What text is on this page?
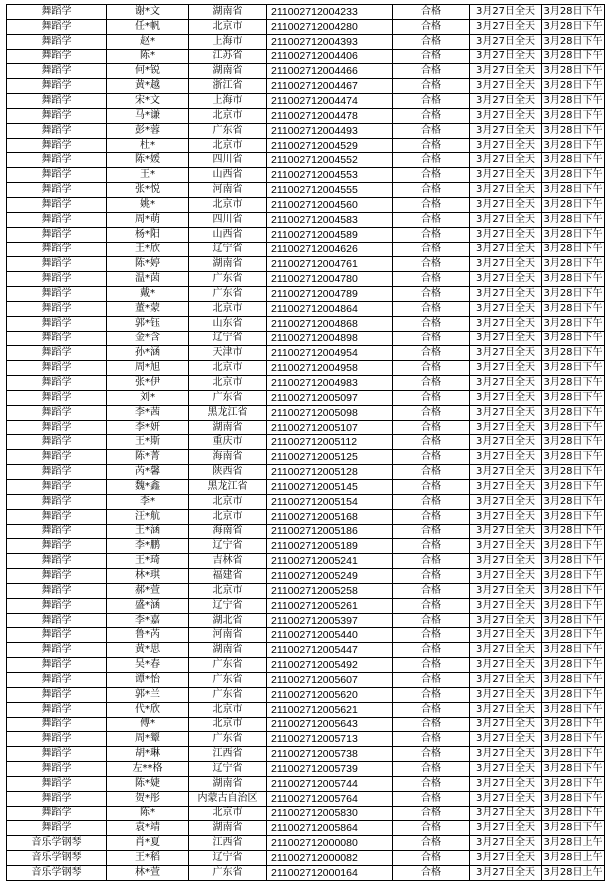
舞蹈学	谢*文	湖南省	211002712004233	合格	3月27日全天	3月28日下午
舞蹈学	任*帆	北京市	211002712004280	合格	3月27日全天	3月28日下午
舞蹈学	赵*	上海市	211002712004393	合格	3月27日全天	3月28日下午
舞蹈学	陈*	江苏省	211002712004406	合格	3月27日全天	3月28日下午
舞蹈学	何*锐	湖南省	211002712004466	合格	3月27日全天	3月28日下午
舞蹈学	黄*越	浙江省	211002712004467	合格	3月27日全天	3月28日下午
舞蹈学	宋*文	上海市	211002712004474	合格	3月27日全天	3月28日下午
舞蹈学	马*谦	北京市	211002712004478	合格	3月27日全天	3月28日下午
舞蹈学	彭*蓉	广东省	211002712004493	合格	3月27日全天	3月28日下午
舞蹈学	杜*	北京市	211002712004529	合格	3月27日全天	3月28日下午
舞蹈学	陈*媛	四川省	211002712004552	合格	3月27日全天	3月28日下午
舞蹈学	王*	山西省	211002712004553	合格	3月27日全天	3月28日下午
舞蹈学	张*悦	河南省	211002712004555	合格	3月27日全天	3月28日下午
舞蹈学	姚*	北京市	211002712004560	合格	3月27日全天	3月28日下午
舞蹈学	周*萌	四川省	211002712004583	合格	3月27日全天	3月28日下午
舞蹈学	杨*阳	山西省	211002712004589	合格	3月27日全天	3月28日下午
舞蹈学	王*欣	辽宁省	211002712004626	合格	3月27日全天	3月28日下午
舞蹈学	陈*婷	湖南省	211002712004761	合格	3月27日全天	3月28日下午
舞蹈学	温*茵	广东省	211002712004780	合格	3月27日全天	3月28日下午
舞蹈学	戴*	广东省	211002712004789	合格	3月27日全天	3月28日下午
舞蹈学	董*蒙	北京市	211002712004864	合格	3月27日全天	3月28日下午
舞蹈学	郭*钰	山东省	211002712004868	合格	3月27日全天	3月28日下午
舞蹈学	金*含	辽宁省	211002712004898	合格	3月27日全天	3月28日下午
舞蹈学	孙*涵	天津市	211002712004954	合格	3月27日全天	3月28日下午
舞蹈学	周*旭	北京市	211002712004958	合格	3月27日全天	3月28日下午
舞蹈学	张*伊	北京市	211002712004983	合格	3月27日全天	3月28日下午
舞蹈学	刘*	广东省	211002712005097	合格	3月27日全天	3月28日下午
舞蹈学	李*茜	黑龙江省	211002712005098	合格	3月27日全天	3月28日下午
舞蹈学	李*妍	湖南省	211002712005107	合格	3月27日全天	3月28日下午
舞蹈学	王*斯	重庆市	211002712005112	合格	3月27日全天	3月28日下午
舞蹈学	陈*菁	海南省	211002712005125	合格	3月27日全天	3月28日下午
舞蹈学	芮*馨	陕西省	211002712005128	合格	3月27日全天	3月28日下午
舞蹈学	魏*鑫	黑龙江省	211002712005145	合格	3月27日全天	3月28日下午
舞蹈学	李*	北京市	211002712005154	合格	3月27日全天	3月28日下午
舞蹈学	汪*航	北京市	211002712005168	合格	3月27日全天	3月28日下午
舞蹈学	王*涵	海南省	211002712005186	合格	3月27日全天	3月28日下午
舞蹈学	李*鹏	辽宁省	211002712005189	合格	3月27日全天	3月28日下午
舞蹈学	王*琦	吉林省	211002712005241	合格	3月27日全天	3月28日下午
舞蹈学	林*琪	福建省	211002712005249	合格	3月27日全天	3月28日下午
舞蹈学	郝*萱	北京市	211002712005258	合格	3月27日全天	3月28日下午
舞蹈学	盛*涵	辽宁省	211002712005261	合格	3月27日全天	3月28日下午
舞蹈学	李*嘉	湖北省	211002712005397	合格	3月27日全天	3月28日下午
舞蹈学	鲁*芮	河南省	211002712005440	合格	3月27日全天	3月28日下午
舞蹈学	黄*思	湖南省	211002712005447	合格	3月27日全天	3月28日下午
舞蹈学	吴*春	广东省	211002712005492	合格	3月27日全天	3月28日下午
舞蹈学	谭*怡	广东省	211002712005607	合格	3月27日全天	3月28日下午
舞蹈学	郭*兰	广东省	211002712005620	合格	3月27日全天	3月28日下午
舞蹈学	代*欣	北京市	211002712005621	合格	3月27日全天	3月28日下午
舞蹈学	傅*	北京市	211002712005643	合格	3月27日全天	3月28日下午
舞蹈学	周*颦	广东省	211002712005713	合格	3月27日全天	3月28日下午
舞蹈学	胡*琳	江西省	211002712005738	合格	3月27日全天	3月28日下午
舞蹈学	左**格	辽宁省	211002712005739	合格	3月27日全天	3月28日下午
舞蹈学	陈*婕	湖南省	211002712005744	合格	3月27日全天	3月28日下午
舞蹈学	贺*彤	内蒙古自治区	211002712005764	合格	3月27日全天	3月28日下午
舞蹈学	陈*	北京市	211002712005830	合格	3月27日全天	3月28日下午
舞蹈学	袁*靖	湖南省	211002712005864	合格	3月27日全天	3月28日下午
音乐学钢琴	肖*夏	江西省	211002712000080	合格	3月27日全天	3月28日上午
音乐学钢琴	王*稻	辽宁省	211002712000082	合格	3月27日全天	3月28日上午
音乐学钢琴	林*萱	广东省	211002712000164	合格	3月27日全天	3月28日上午
